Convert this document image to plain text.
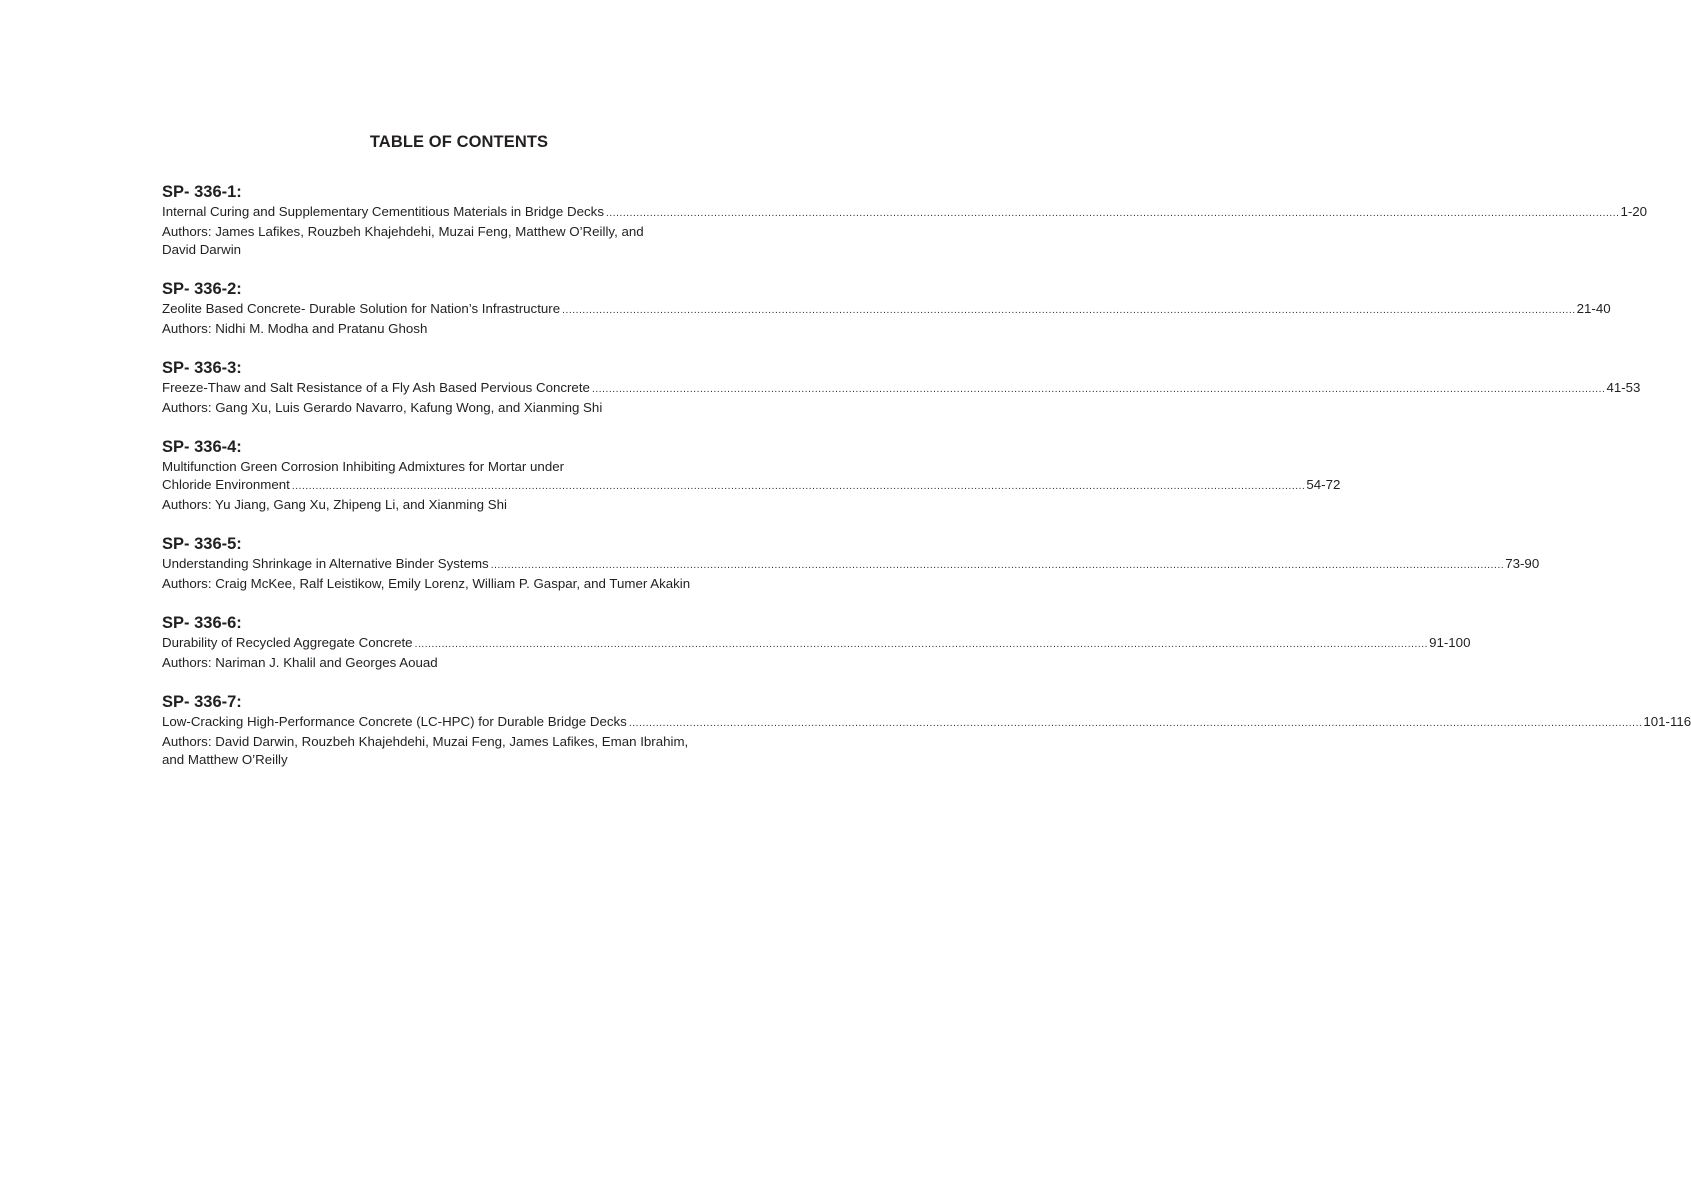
TABLE OF CONTENTS
SP- 336-1:
Internal Curing and Supplementary Cementitious Materials in Bridge Decks ............................................................................................................................................................................................................................................................................................................ 1-20
Authors: James Lafikes, Rouzbeh Khajehdehi, Muzai Feng, Matthew O’Reilly, and
David Darwin
SP- 336-2:
Zeolite Based Concrete- Durable Solution for Nation’s Infrastructure ............................................................................................................................................................................................................................................................................................................ 21-40
Authors: Nidhi M. Modha and Pratanu Ghosh
SP- 336-3:
Freeze-Thaw and Salt Resistance of a Fly Ash Based Pervious Concrete ............................................................................................................................................................................................................................................................................................................ 41-53
Authors: Gang Xu, Luis Gerardo Navarro, Kafung Wong, and Xianming Shi
SP- 336-4:
Multifunction Green Corrosion Inhibiting Admixtures for Mortar under
Chloride Environment ............................................................................................................................................................................................................................................................................................................ 54-72
Authors: Yu Jiang, Gang Xu, Zhipeng Li, and Xianming Shi
SP- 336-5:
Understanding Shrinkage in Alternative Binder Systems ............................................................................................................................................................................................................................................................................................................ 73-90
Authors: Craig McKee, Ralf Leistikow, Emily Lorenz, William P. Gaspar, and Tumer Akakin
SP- 336-6:
Durability of Recycled Aggregate Concrete ............................................................................................................................................................................................................................................................................................................ 91-100
Authors: Nariman J. Khalil and Georges Aouad
SP- 336-7:
Low-Cracking High-Performance Concrete (LC-HPC) for Durable Bridge Decks ............................................................................................................................................................................................................................................................................................................ 101-116
Authors: David Darwin, Rouzbeh Khajehdehi, Muzai Feng, James Lafikes, Eman Ibrahim,
and Matthew O’Reilly
